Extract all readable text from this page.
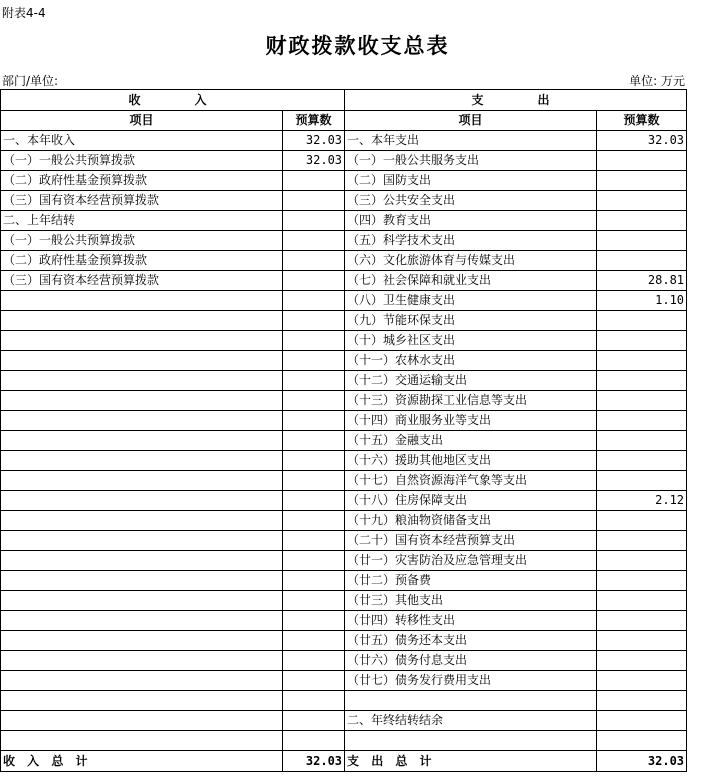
附表4-4
财政拨款收支总表
部门/单位:	单位: 万元
收　　入		支　　出	
项目	预算数	项目	预算数
一、本年收入	32.03	一、本年支出	32.03
（一）一般公共预算拨款	32.03	（一）一般公共服务支出	
（二）政府性基金预算拨款		（二）国防支出	
（三）国有资本经营预算拨款		（三）公共安全支出	
二、上年结转		（四）教育支出	
（一）一般公共预算拨款		（五）科学技术支出	
（二）政府性基金预算拨款		（六）文化旅游体育与传媒支出	
（三）国有资本经营预算拨款		（七）社会保障和就业支出	28.81
		（八）卫生健康支出	1.10
		（九）节能环保支出	
		（十）城乡社区支出	
		（十一）农林水支出	
		（十二）交通运输支出	
		（十三）资源勘探工业信息等支出	
		（十四）商业服务业等支出	
		（十五）金融支出	
		（十六）援助其他地区支出	
		（十七）自然资源海洋气象等支出	
		（十八）住房保障支出	2.12
		（十九）粮油物资储备支出	
		（二十）国有资本经营预算支出	
		（廿一）灾害防治及应急管理支出	
		（廿二）预备费	
		（廿三）其他支出	
		（廿四）转移性支出	
		（廿五）债务还本支出	
		（廿六）债务付息支出	
		（廿七）债务发行费用支出	

		二、年终结转结余	

收 入 总 计	32.03	支 出 总 计	32.03
